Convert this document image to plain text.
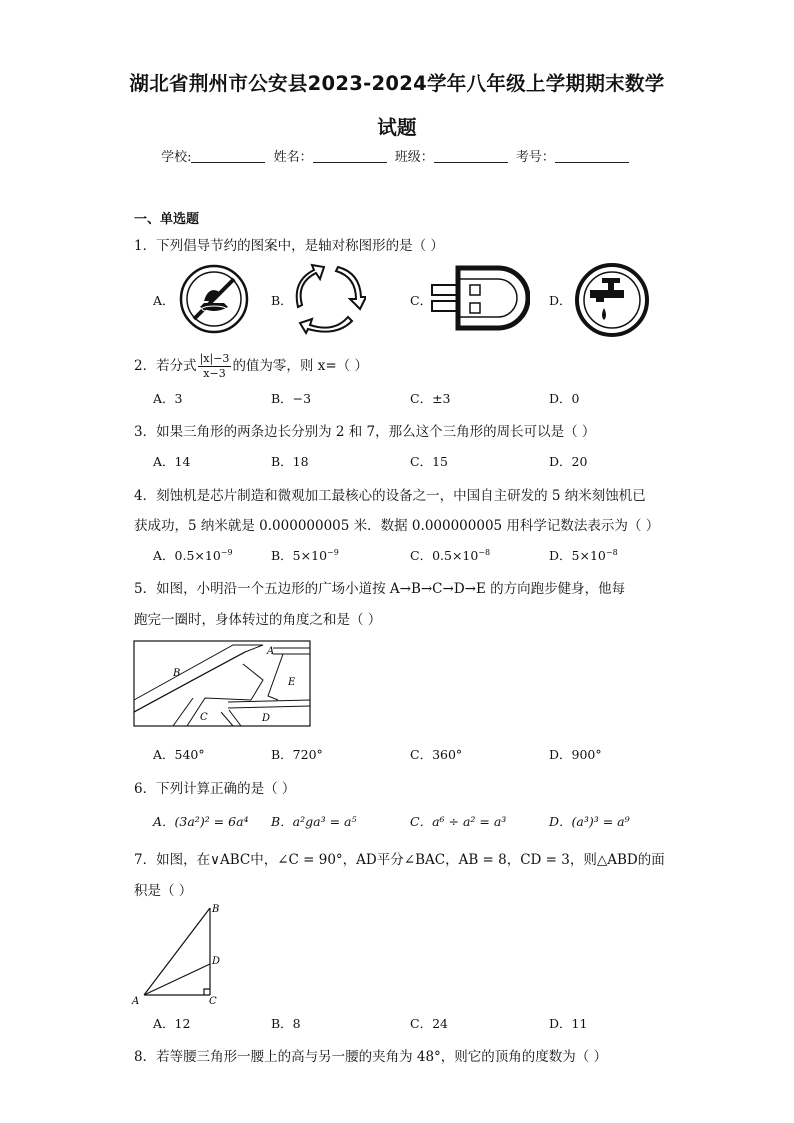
湖北省荆州市公安县2023-2024学年八年级上学期期末数学
试题
学校:	姓名：	班级：	考号：
一、单选题
1．下列倡导节约的图案中，是轴对称图形的是（ ）
A．	B．	C．	D．
2．若分式 $\frac{|x|-3}{x-3}$ 的值为零，则 x=（ ）
A．3	B．−3	C．±3	D．0
3．如果三角形的两条边长分别为 2 和 7，那么这个三角形的周长可以是（ ）
A．14	B．18	C．15	D．20
4．刻蚀机是芯片制造和微观加工最核心的设备之一，中国自主研发的 5 纳米刻蚀机已
获成功，5 纳米就是 0.000000005 米．数据 0.000000005 用科学记数法表示为（ ）
A．$0.5\times 10^{-9}$	B．$5\times 10^{-9}$	C．$0.5\times 10^{-8}$	D．$5\times 10^{-8}$
5．如图，小明沿一个五边形的广场小道按 A→B→C→D→E 的方向跑步健身，他每
跑完一圈时，身体转过的角度之和是（ ）
A
B
C	D
E
A．540°	B．720°	C．360°	D．900°
6．下列计算正确的是（ ）
A．(3a²)² = 6a⁴ B．a²ga³ = a⁵	C．a⁶ ÷ a² = a³	D．(a³)³ = a⁹
7．如图，在∨ABC中，∠C = 90°，AD平分∠BAC，AB = 8，CD = 3，则△ABD的面
积是（ ）
B
D
A	C
A．12	B．8	C．24	D．11
8．若等腰三角形一腰上的高与另一腰的夹角为 48°，则它的顶角的度数为（ ）
